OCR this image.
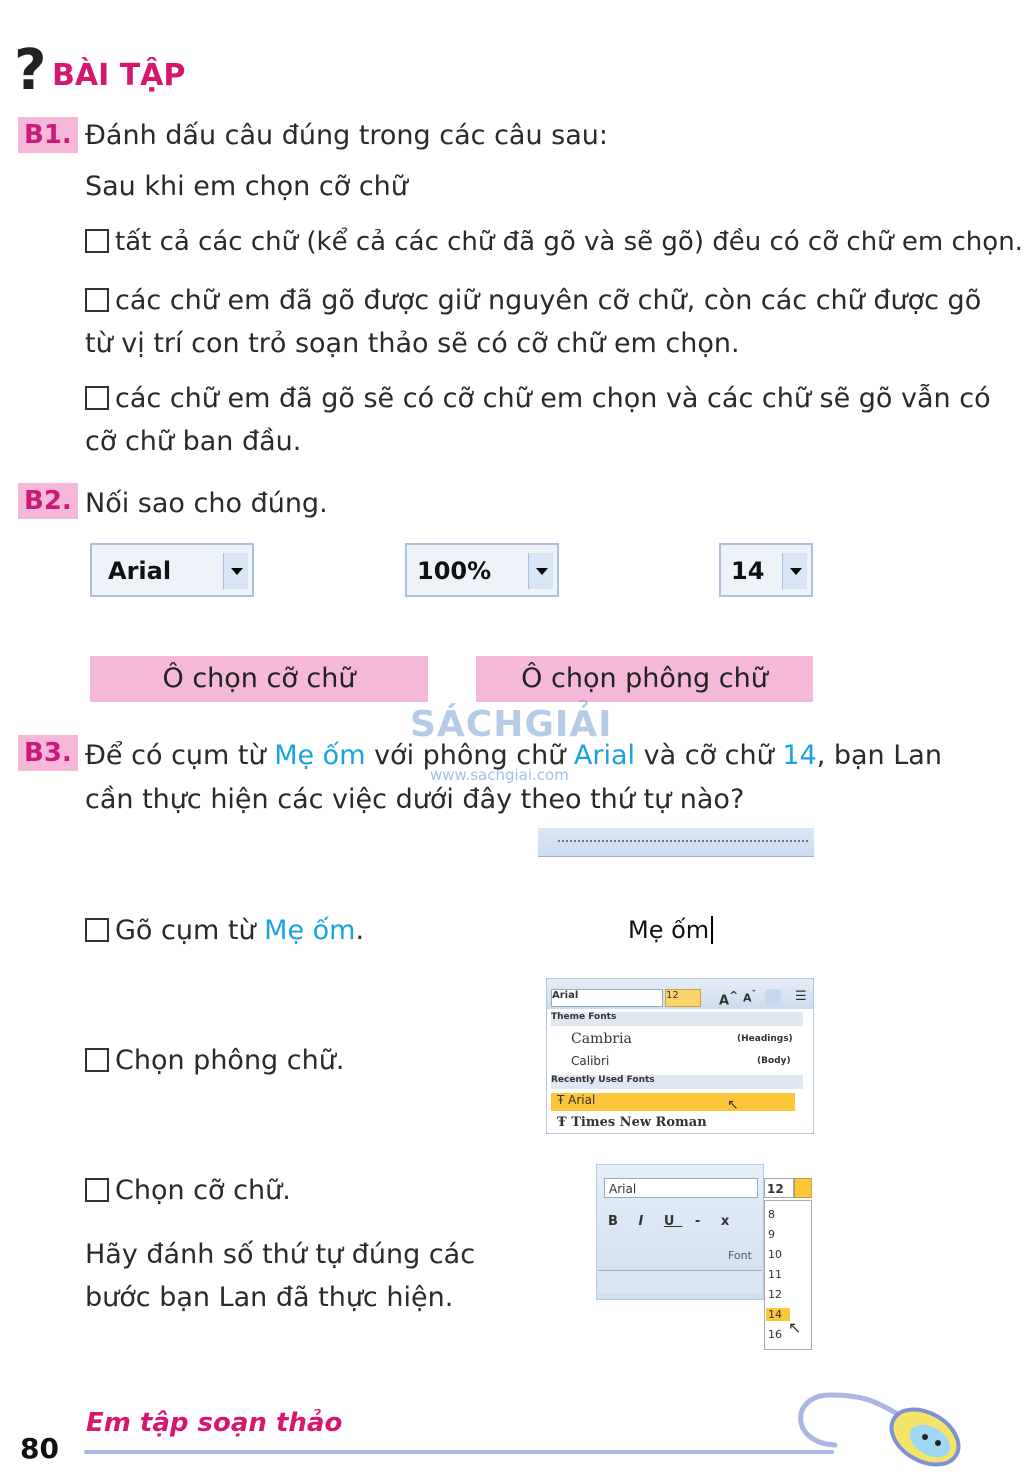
? BÀI TẬP
B1. Đánh dấu câu đúng trong các câu sau:
Sau khi em chọn cỡ chữ
tất cả các chữ (kể cả các chữ đã gõ và sẽ gõ) đều có cỡ chữ em chọn.
các chữ em đã gõ được giữ nguyên cỡ chữ, còn các chữ được gõ
từ vị trí con trỏ soạn thảo sẽ có cỡ chữ em chọn.
các chữ em đã gõ sẽ có cỡ chữ em chọn và các chữ sẽ gõ vẫn có
cỡ chữ ban đầu.
B2. Nối sao cho đúng.
Arial	100%	14
Ô chọn cỡ chữ	Ô chọn phông chữ
SÁCHGIẢI
www.sachgiai.com
B3. Để có cụm từ Mẹ ốm với phông chữ Arial và cỡ chữ 14, bạn Lan
cần thực hiện các việc dưới đây theo thứ tự nào?
Gõ cụm từ Mẹ ốm.
Chọn phông chữ.
Chọn cỡ chữ.
Hãy đánh số thứ tự đúng các
bước bạn Lan đã thực hiện.
Mẹ ốm
Arial	12	A^ $A^ˇ$	☰
Theme Fonts
Cambria	(Headings)
Calibri	(Body)
Recently Used Fonts
Ŧ Arial	↖
Ŧ Times New Roman
Arial
B I U - x
Font
12
8
9
10
11
12
14
16 ↖
80
Em tập soạn thảo
